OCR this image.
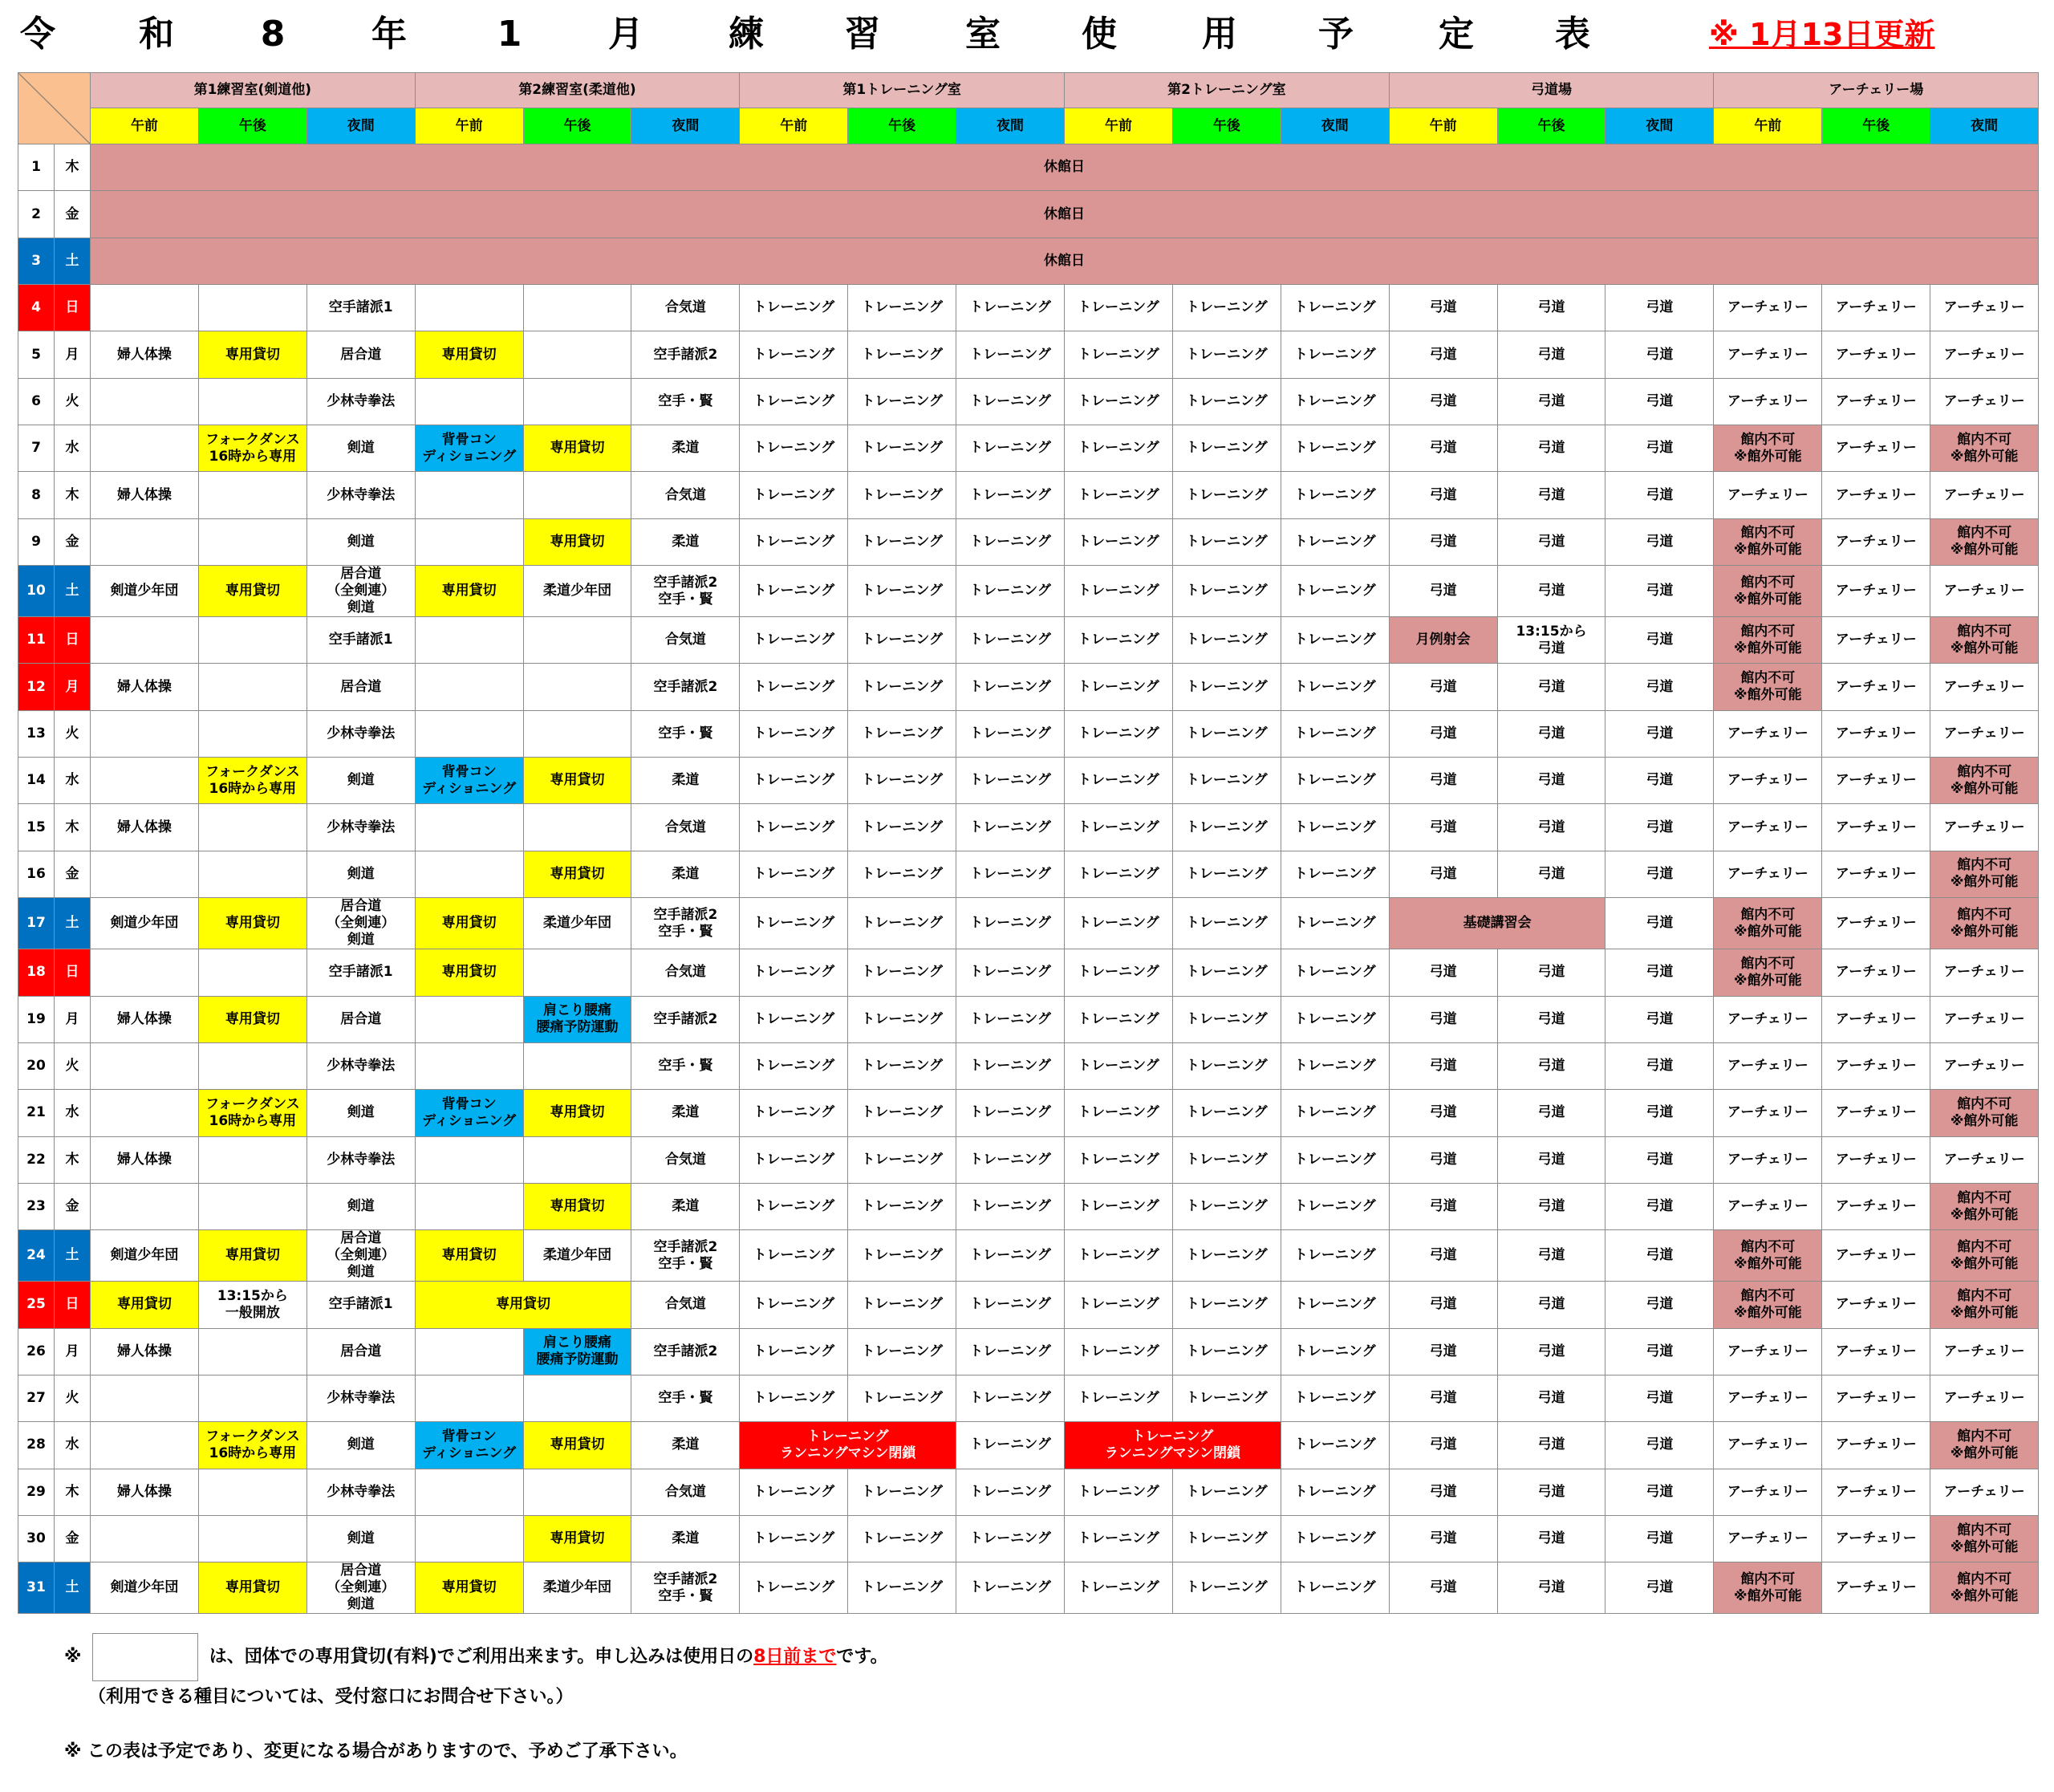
令 和	8	年	1	月 練 習 室 使 用 予 定 表	※ 1月13日更新
		第1練習室(剣道他)			第2練習室(柔道他)			第1トレーニング室			第2トレーニング室			弓道場			アーチェリー場		
		午前	午後	夜間	午前	午後	夜間	午前	午後	夜間	午前	午後	夜間	午前	午後	夜間	午前	午後	夜間
1	木	休館日																	
2	金	休館日																	
3	土	休館日																	
4	日			空手諸派1			合気道	トレーニング	トレーニング	トレーニング	トレーニング	トレーニング	トレーニング	弓道	弓道	弓道	アーチェリー	アーチェリー	アーチェリー
5	月	婦人体操	専用貸切	居合道	専用貸切		空手諸派2	トレーニング	トレーニング	トレーニング	トレーニング	トレーニング	トレーニング	弓道	弓道	弓道	アーチェリー	アーチェリー	アーチェリー
6	火			少林寺拳法			空手・賢	トレーニング	トレーニング	トレーニング	トレーニング	トレーニング	トレーニング	弓道	弓道	弓道	アーチェリー	アーチェリー	アーチェリー
7	水		フォークダンス
16時から専用	剣道	背骨コン
ディショニング	専用貸切	柔道	トレーニング	トレーニング	トレーニング	トレーニング	トレーニング	トレーニング	弓道	弓道	弓道	館内不可
※館外可能	アーチェリー	館内不可
※館外可能
8	木	婦人体操		少林寺拳法			合気道	トレーニング	トレーニング	トレーニング	トレーニング	トレーニング	トレーニング	弓道	弓道	弓道	アーチェリー	アーチェリー	アーチェリー
9	金			剣道		専用貸切	柔道	トレーニング	トレーニング	トレーニング	トレーニング	トレーニング	トレーニング	弓道	弓道	弓道	館内不可
※館外可能	アーチェリー	館内不可
※館外可能
10	土	剣道少年団	専用貸切	居合道
（全剣連）
剣道	専用貸切	柔道少年団	空手諸派2
空手・賢	トレーニング	トレーニング	トレーニング	トレーニング	トレーニング	トレーニング	弓道	弓道	弓道	館内不可
※館外可能	アーチェリー	アーチェリー
11	日			空手諸派1			合気道	トレーニング	トレーニング	トレーニング	トレーニング	トレーニング	トレーニング	月例射会	13:15から
弓道	弓道	館内不可
※館外可能	アーチェリー	館内不可
※館外可能
12	月	婦人体操		居合道			空手諸派2	トレーニング	トレーニング	トレーニング	トレーニング	トレーニング	トレーニング	弓道	弓道	弓道	館内不可
※館外可能	アーチェリー	アーチェリー
13	火			少林寺拳法			空手・賢	トレーニング	トレーニング	トレーニング	トレーニング	トレーニング	トレーニング	弓道	弓道	弓道	アーチェリー	アーチェリー	アーチェリー
14	水		フォークダンス
16時から専用	剣道	背骨コン
ディショニング	専用貸切	柔道	トレーニング	トレーニング	トレーニング	トレーニング	トレーニング	トレーニング	弓道	弓道	弓道	アーチェリー	アーチェリー	館内不可
※館外可能
15	木	婦人体操		少林寺拳法			合気道	トレーニング	トレーニング	トレーニング	トレーニング	トレーニング	トレーニング	弓道	弓道	弓道	アーチェリー	アーチェリー	アーチェリー
16	金			剣道		専用貸切	柔道	トレーニング	トレーニング	トレーニング	トレーニング	トレーニング	トレーニング	弓道	弓道	弓道	アーチェリー	アーチェリー	館内不可
※館外可能
17	土	剣道少年団	専用貸切	居合道
（全剣連）
剣道	専用貸切	柔道少年団	空手諸派2
空手・賢	トレーニング	トレーニング	トレーニング	トレーニング	トレーニング	トレーニング	基礎講習会		弓道	館内不可
※館外可能	アーチェリー	館内不可
※館外可能
18	日			空手諸派1	専用貸切		合気道	トレーニング	トレーニング	トレーニング	トレーニング	トレーニング	トレーニング	弓道	弓道	弓道	館内不可
※館外可能	アーチェリー	アーチェリー
19	月	婦人体操	専用貸切	居合道		肩こり腰痛
腰痛予防運動	空手諸派2	トレーニング	トレーニング	トレーニング	トレーニング	トレーニング	トレーニング	弓道	弓道	弓道	アーチェリー	アーチェリー	アーチェリー
20	火			少林寺拳法			空手・賢	トレーニング	トレーニング	トレーニング	トレーニング	トレーニング	トレーニング	弓道	弓道	弓道	アーチェリー	アーチェリー	アーチェリー
21	水		フォークダンス
16時から専用	剣道	背骨コン
ディショニング	専用貸切	柔道	トレーニング	トレーニング	トレーニング	トレーニング	トレーニング	トレーニング	弓道	弓道	弓道	アーチェリー	アーチェリー	館内不可
※館外可能
22	木	婦人体操		少林寺拳法			合気道	トレーニング	トレーニング	トレーニング	トレーニング	トレーニング	トレーニング	弓道	弓道	弓道	アーチェリー	アーチェリー	アーチェリー
23	金			剣道		専用貸切	柔道	トレーニング	トレーニング	トレーニング	トレーニング	トレーニング	トレーニング	弓道	弓道	弓道	アーチェリー	アーチェリー	館内不可
※館外可能
24	土	剣道少年団	専用貸切	居合道
（全剣連）
剣道	専用貸切	柔道少年団	空手諸派2
空手・賢	トレーニング	トレーニング	トレーニング	トレーニング	トレーニング	トレーニング	弓道	弓道	弓道	館内不可
※館外可能	アーチェリー	館内不可
※館外可能
25	日	専用貸切	13:15から
一般開放	空手諸派1	専用貸切		合気道	トレーニング	トレーニング	トレーニング	トレーニング	トレーニング	トレーニング	弓道	弓道	弓道	館内不可
※館外可能	アーチェリー	館内不可
※館外可能
26	月	婦人体操		居合道		肩こり腰痛
腰痛予防運動	空手諸派2	トレーニング	トレーニング	トレーニング	トレーニング	トレーニング	トレーニング	弓道	弓道	弓道	アーチェリー	アーチェリー	アーチェリー
27	火			少林寺拳法			空手・賢	トレーニング	トレーニング	トレーニング	トレーニング	トレーニング	トレーニング	弓道	弓道	弓道	アーチェリー	アーチェリー	アーチェリー
28	水		フォークダンス
16時から専用	剣道	背骨コン
ディショニング	専用貸切	柔道	トレーニング
ランニングマシン閉鎖		トレーニング	トレーニング
ランニングマシン閉鎖		トレーニング	弓道	弓道	弓道	アーチェリー	アーチェリー	館内不可
※館外可能
29	木	婦人体操		少林寺拳法			合気道	トレーニング	トレーニング	トレーニング	トレーニング	トレーニング	トレーニング	弓道	弓道	弓道	アーチェリー	アーチェリー	アーチェリー
30	金			剣道		専用貸切	柔道	トレーニング	トレーニング	トレーニング	トレーニング	トレーニング	トレーニング	弓道	弓道	弓道	アーチェリー	アーチェリー	館内不可
※館外可能
31	土	剣道少年団	専用貸切	居合道
（全剣連）
剣道	専用貸切	柔道少年団	空手諸派2
空手・賢	トレーニング	トレーニング	トレーニング	トレーニング	トレーニング	トレーニング	弓道	弓道	弓道	館内不可
※館外可能	アーチェリー	館内不可
※館外可能
※	は、団体での専用貸切(有料)でご利用出来ます。申し込みは使用日の8日前までです。
（利用できる種目については、受付窓口にお問合せ下さい。）
※ この表は予定であり、変更になる場合がありますので、予めご了承下さい。
